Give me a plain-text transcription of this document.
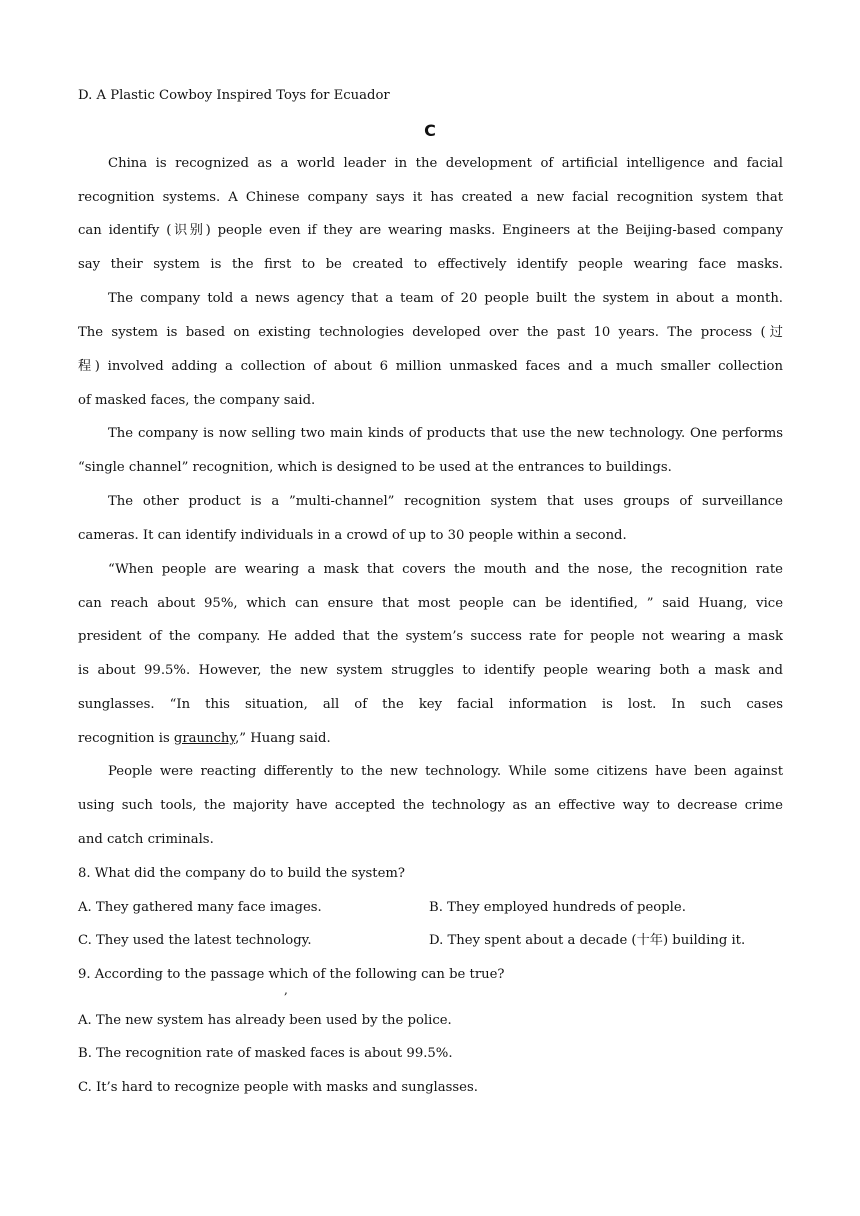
D. A Plastic Cowboy Inspired Toys for Ecuador
C
China is recognized as a world leader in the development of artificial intelligence and facial
recognition systems. A Chinese company says it has created a new facial recognition system that
can identify (识别) people even if they are wearing masks. Engineers at the Beijing-based company
say their system is the first to be created to effectively identify people wearing face masks.
The company told a news agency that a team of 20 people built the system in about a month.
The system is based on existing technologies developed over the past 10 years. The process (过
程) involved adding a collection of about 6 million unmasked faces and a much smaller collection
of masked faces, the company said.
The company is now selling two main kinds of products that use the new technology. One performs
“single channel” recognition, which is designed to be used at the entrances to buildings.
The other product is a ”multi-channel” recognition system that uses groups of surveillance
cameras. It can identify individuals in a crowd of up to 30 people within a second.
“When people are wearing a mask that covers the mouth and the nose, the recognition rate
can reach about 95%, which can ensure that most people can be identified, ” said Huang, vice
president of the company. He added that the system’s success rate for people not wearing a mask
is about 99.5%. However, the new system struggles to identify people wearing both a mask and
sunglasses. “In this situation, all of the key facial information is lost. In such cases
recognition is graunchy,” Huang said.
People were reacting differently to the new technology. While some citizens have been against
using such tools, the majority have accepted the technology as an effective way to decrease crime
and catch criminals.
8. What did the company do to build the system?
A. They gathered many face images.	B. They employed hundreds of people.
C. They used the latest technology.	D. They spent about a decade (十年) building it.
9. According to the passage which of the following can be true?
,
A. The new system has already been used by the police.
B. The recognition rate of masked faces is about 99.5%.
C. It’s hard to recognize people with masks and sunglasses.
